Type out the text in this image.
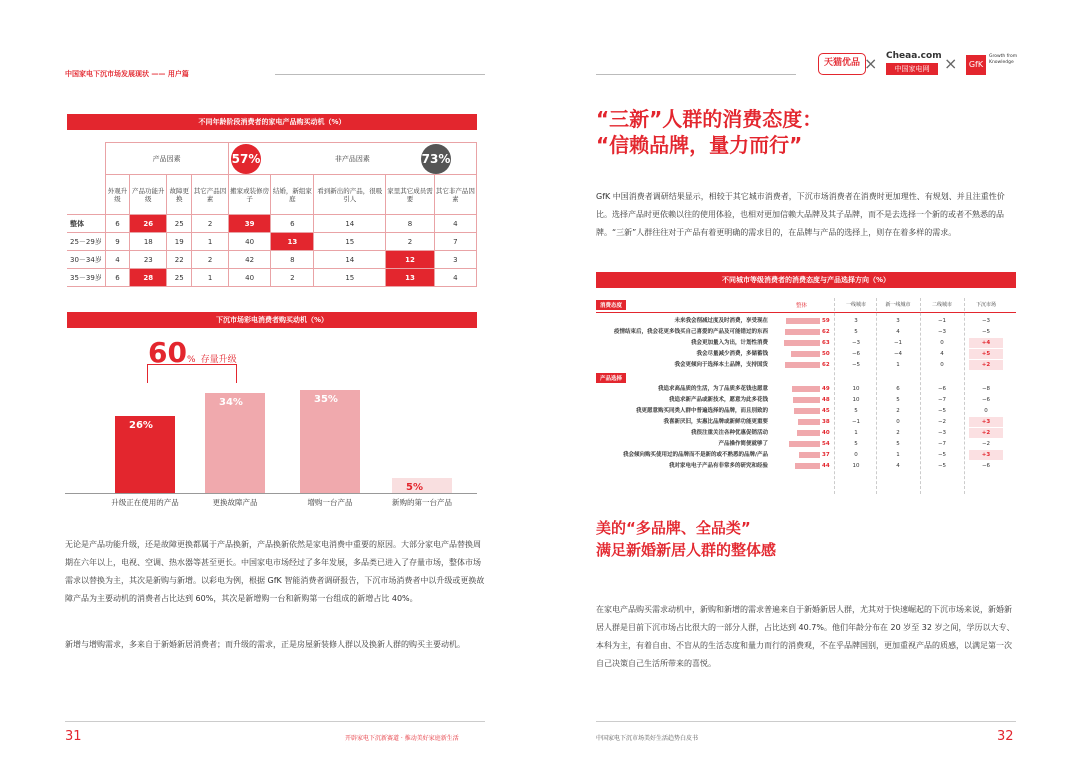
中国家电下沉市场发展现状 —— 用户篇
不同年龄阶段消费者的家电产品购买动机（%）
57%	73%
	产品因素				非产品因素				
	外观升级	产品功能升级	故障更换	其它产品因素	搬家或装修房子	结婚，新组家庭	看到新出的产品，很吸引人	家里其它成员需要	其它非产品因素
整体	6	26	25	2	39	6	14	8	4
25－29岁	9	18	19	1	40	13	15	2	7
30－34岁	4	23	22	2	42	8	14	12	3
35－39岁	6	28	25	1	40	2	15	13	4
下沉市场彩电消费者购买动机（%）
60% 存量升级
26%
34%	35%
5%
升级正在使用的产品	更换故障产品	增购一台产品	新购的第一台产品

无论是产品功能升级，还是故障更换都属于产品换新，产品换新依然是家电消费中重要的原因。大部分家电产品替换周期在六年以上，电视、空调、热水器等甚至更长。中国家电市场经过了多年发展，多品类已进入了存量市场，整体市场需求以替换为主，其次是新购与新增。以彩电为例，根据 GfK 智能消费者调研报告，下沉市场消费者中以升级或更换故障产品为主要动机的消费者占比达到 60%，其次是新增购一台和新购第一台组成的新增占比 40%。

新增与增购需求，多来自于新婚新居消费者；而升级的需求，正是房屋新装修人群以及换新人群的购买主要动机。

31	开辟家电下沉新赛道 · 推动美好家庭新生活
天猫优品 × Cheaa.com
中国家电网 ×	GfK
Growth from Knowledge
“三新”人群的消费态度：
“信赖品牌，量力而行”

GfK 中国消费者调研结果显示，相较于其它城市消费者，下沉市场消费者在消费时更加理性、有规划、并且注重性价比。选择产品时更依赖以往的使用体验，也相对更加信赖大品牌及其子品牌，而不是去选择一个新的或者不熟悉的品牌。“三新”人群往往对于产品有着更明确的需求目的，在品牌与产品的选择上，则存在着多样的需求。

不同城市等级消费者的消费态度与产品选择方向（%）
消费态度	整体	一线城市	新一线城市	二线城市	下沉市场
未来我会削减过度及时消费，享受现在	59	3	3	−1	−3
疫情结束后，我会花更多钱买自己喜爱的产品及可能错过的东西	62	5	4	−3	−5
我会更加量入为出，计划性消费	63	−3	−1	0	+4
我会尽量减少消费，多储蓄钱	50	−6	−4	4	+5
我会更倾向于选择本土品牌，支持国货	62	−5	1	0	+2
产品选择
我追求高品质的生活，为了品质多花钱也愿意	49	10	6	−6	−8
我追求新产品或新技术，愿意为此多花钱	48	10	5	−7	−6
我更愿意购买同类人群中普遍选择的品牌，而且别致的	45	5	2	−5	0
我喜新厌旧，实惠比品牌或新鲜功能更重要	38	−1	0	−2	+3
我很注重关注各种优惠促销活动	40	1	2	−3	+2
产品操作简便就够了	54	5	5	−7	−2
我会倾向购买使用过的品牌而不是新的或不熟悉的品牌/产品	37	0	1	−5	+3
我对家电电子产品有非常多的研究和经验	44	10	4	−5	−6
美的“多品牌、全品类”
满足新婚新居人群的整体感

在家电产品购买需求动机中，新购和新增的需求普遍来自于新婚新居人群，尤其对于快速崛起的下沉市场来说，新婚新居人群是目前下沉市场占比很大的一部分人群，占比达到 40.7%。他们年龄分布在 20 岁至 32 岁之间，学历以大专、本科为主，有着自由、不盲从的生活态度和量力而行的消费观，不在乎品牌国别，更加重视产品的质感，以满足第一次自己决策自己生活所带来的喜悦。

中国家电下沉市场美好生活趋势白皮书	32
